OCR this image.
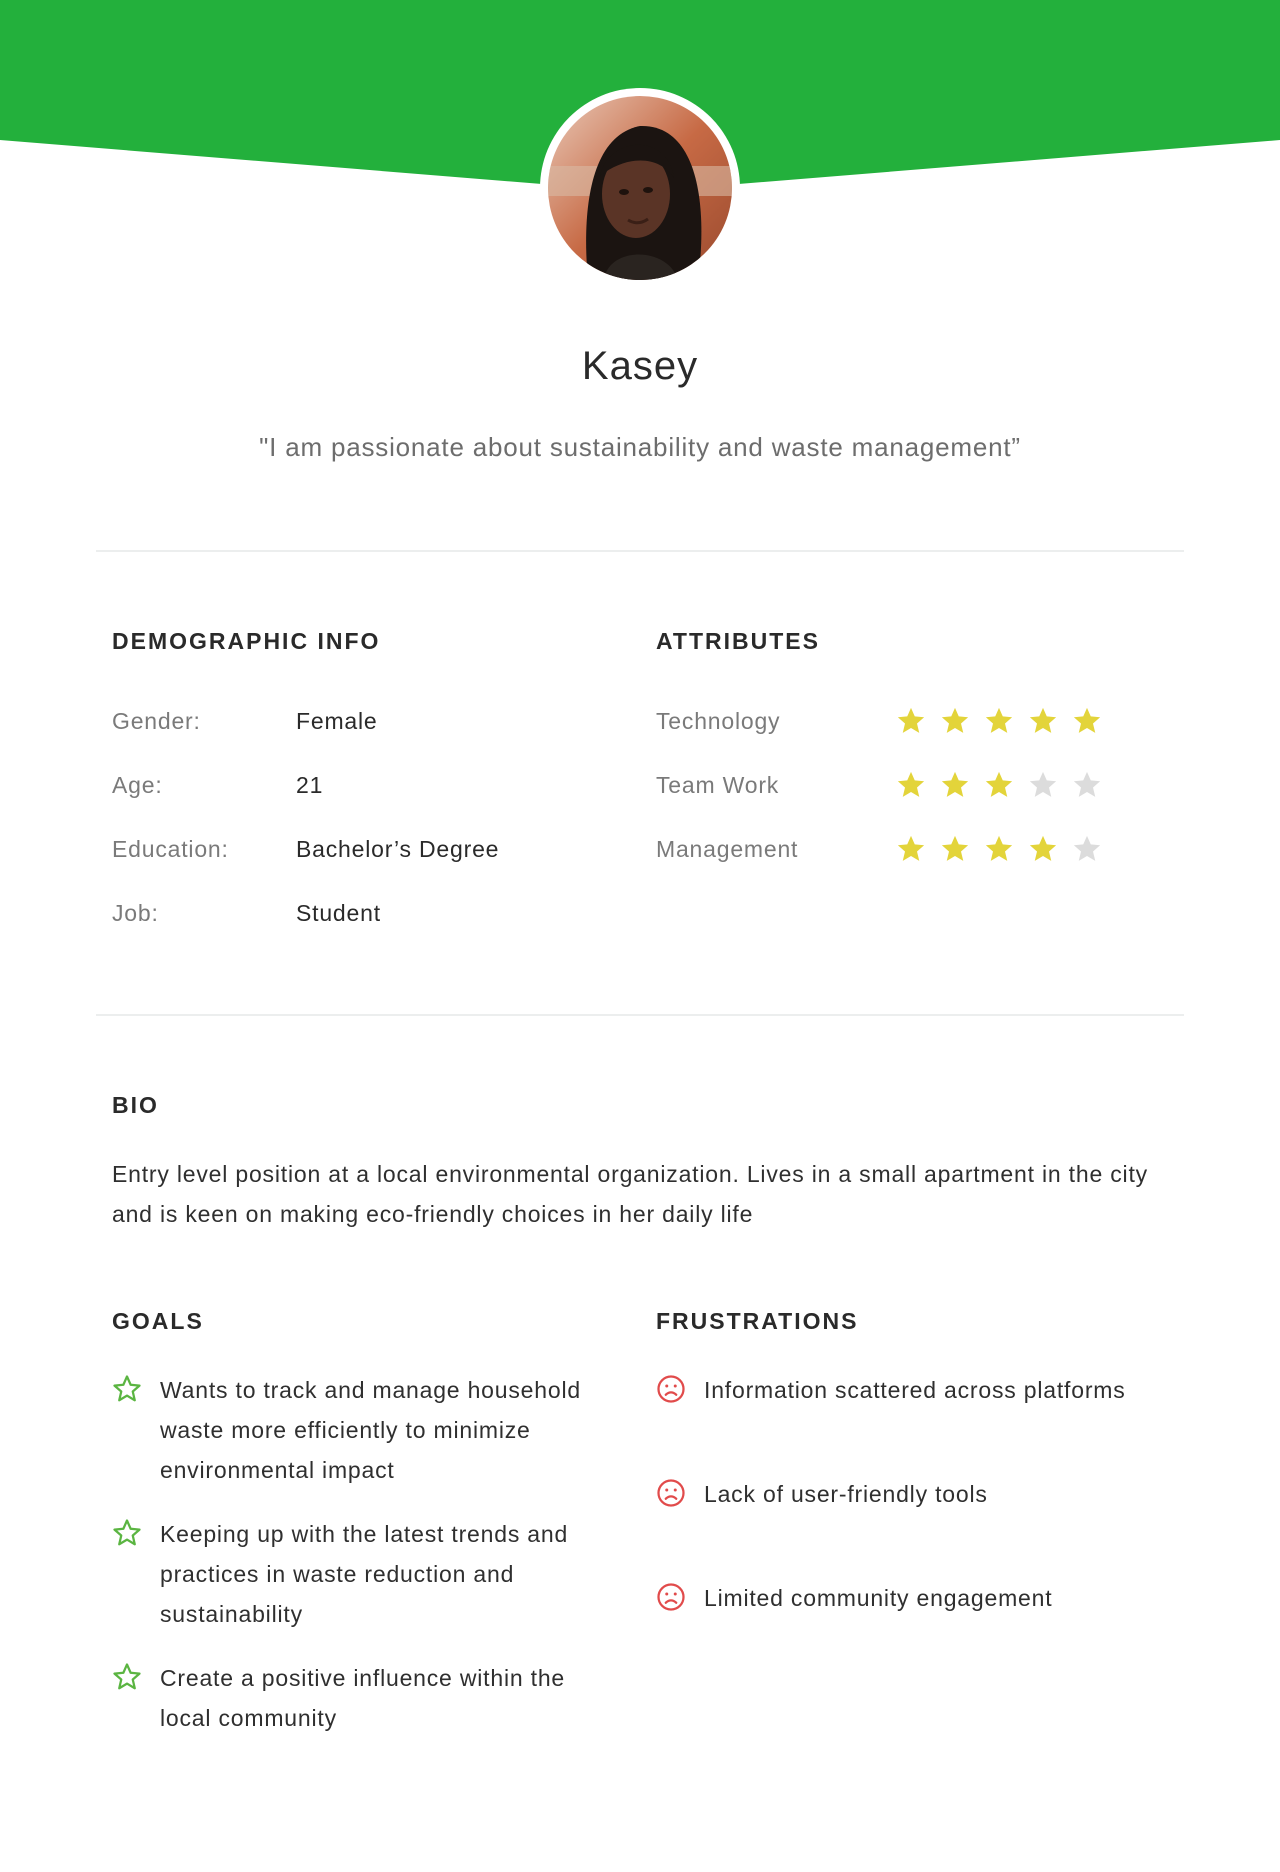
Kasey
"I am passionate about sustainability and waste management”
DEMOGRAPHIC INFO
Gender:	Female
Age:	21
Education:	Bachelor’s Degree
Job:	Student
ATTRIBUTES
Technology
Team Work
Management
BIO
Entry level position at a local environmental organization. Lives in a small apartment in the city and is keen on making eco-friendly choices in her daily life
GOALS
Wants to track and manage household waste more efficiently to minimize environmental impact
Keeping up with the latest trends and practices in waste reduction and sustainability
Create a positive influence within the local community
FRUSTRATIONS
Information scattered across platforms
Lack of user-friendly tools
Limited community engagement
